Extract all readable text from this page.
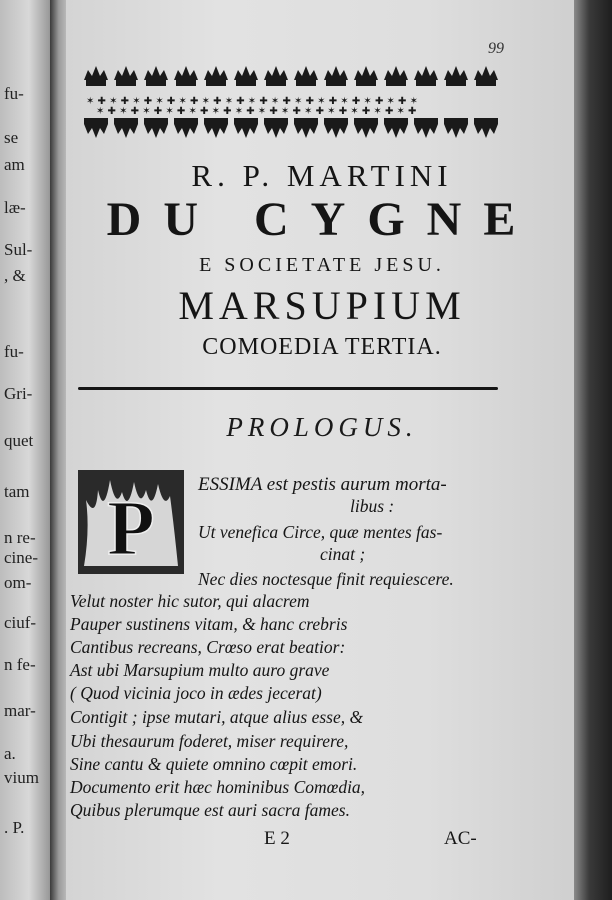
fu-
se
am
læ-
Sul-
, &
fu-
Gri-
quet
tam
n re-
cine-
om-
ciuf-
n fe-
mar-
a.
vium
. P.
99
✶ ✚ ✶ ✚ ✶ ✚ ✶ ✚ ✶ ✚ ✶ ✚ ✶ ✚ ✶ ✚ ✶ ✚ ✶ ✚ ✶ ✚ ✶ ✚ ✶ ✚ ✶ ✚ ✶
✶ ✚ ✶ ✚ ✶ ✚ ✶ ✚ ✶ ✚ ✶ ✚ ✶ ✚ ✶ ✚ ✶ ✚ ✶ ✚ ✶ ✚ ✶ ✚ ✶ ✚ ✶ ✚
R. P. MARTINI
DU CYGNE
E SOCIETATE JESU.
MARSUPIUM
COMOEDIA TERTIA.
PROLOGUS.
P ESSIMA est pestis aurum morta-
libus :
Ut venefica Circe, quæ mentes fas-
cinat ;
Nec dies noctesque finit requiescere.
Velut noster hic sutor, qui alacrem
Pauper sustinens vitam, & hanc crebris
Cantibus recreans, Crœso erat beatior:
Ast ubi Marsupium multo auro grave
( Quod vicinia joco in ædes jecerat)
Contigit ; ipse mutari, atque alius esse, &
Ubi thesaurum foderet, miser requirere,
Sine cantu & quiete omnino cœpit emori.
Documento erit hæc hominibus Comœdia,
Quibus plerumque est auri sacra fames.
E 2	AC-
